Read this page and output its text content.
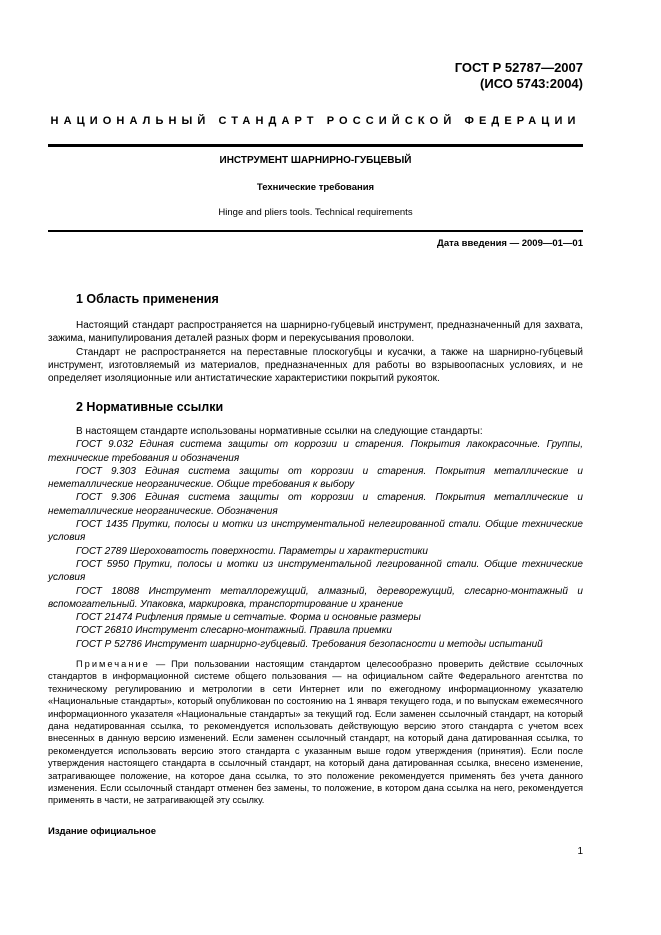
ГОСТ Р 52787—2007
(ИСО 5743:2004)
НАЦИОНАЛЬНЫЙ СТАНДАРТ РОССИЙСКОЙ ФЕДЕРАЦИИ
ИНСТРУМЕНТ ШАРНИРНО-ГУБЦЕВЫЙ
Технические требования
Hinge and pliers tools. Technical requirements
Дата введения — 2009—01—01
1 Область применения

Настоящий стандарт распространяется на шарнирно-губцевый инструмент, предназначенный для захвата, зажима, манипулирования деталей разных форм и перекусывания проволоки.

Стандарт не распространяется на переставные плоскогубцы и кусачки, а также на шарнирно-губцевый инструмент, изготовляемый из материалов, предназначенных для работы во взрывоопасных условиях, и не определяет изоляционные или антистатические характеристики покрытий рукояток.

2 Нормативные ссылки

В настоящем стандарте использованы нормативные ссылки на следующие стандарты:

ГОСТ 9.032 Единая система защиты от коррозии и старения. Покрытия лакокрасочные. Группы, технические требования и обозначения

ГОСТ 9.303 Единая система защиты от коррозии и старения. Покрытия металлические и неметаллические неорганические. Общие требования к выбору

ГОСТ 9.306 Единая система защиты от коррозии и старения. Покрытия металлические и неметаллические неорганические. Обозначения

ГОСТ 1435 Прутки, полосы и мотки из инструментальной нелегированной стали. Общие технические условия

ГОСТ 2789 Шероховатость поверхности. Параметры и характеристики

ГОСТ 5950 Прутки, полосы и мотки из инструментальной легированной стали. Общие технические условия

ГОСТ 18088 Инструмент металлорежущий, алмазный, дереворежущий, слесарно-монтажный и вспомогательный. Упаковка, маркировка, транспортирование и хранение

ГОСТ 21474 Рифления прямые и сетчатые. Форма и основные размеры

ГОСТ 26810 Инструмент слесарно-монтажный. Правила приемки

ГОСТ Р 52786 Инструмент шарнирно-губцевый. Требования безопасности и методы испытаний

Примечание — При пользовании настоящим стандартом целесообразно проверить действие ссылочных стандартов в информационной системе общего пользования — на официальном сайте Федерального агентства по техническому регулированию и метрологии в сети Интернет или по ежегодному информационному указателю «Национальные стандарты», который опубликован по состоянию на 1 января текущего года, и по выпускам ежемесячного информационного указателя «Национальные стандарты» за текущий год. Если заменен ссылочный стандарт, на который дана недатированная ссылка, то рекомендуется использовать действующую версию этого стандарта с учетом всех внесенных в данную версию изменений. Если заменен ссылочный стандарт, на который дана датированная ссылка, то рекомендуется использовать версию этого стандарта с указанным выше годом утверждения (принятия). Если после утверждения настоящего стандарта в ссылочный стандарт, на который дана датированная ссылка, внесено изменение, затрагивающее положение, на которое дана ссылка, то это положение рекомендуется применять без учета данного изменения. Если ссылочный стандарт отменен без замены, то положение, в котором дана ссылка на него, рекомендуется применять в части, не затрагивающей эту ссылку.

Издание официальное
1
